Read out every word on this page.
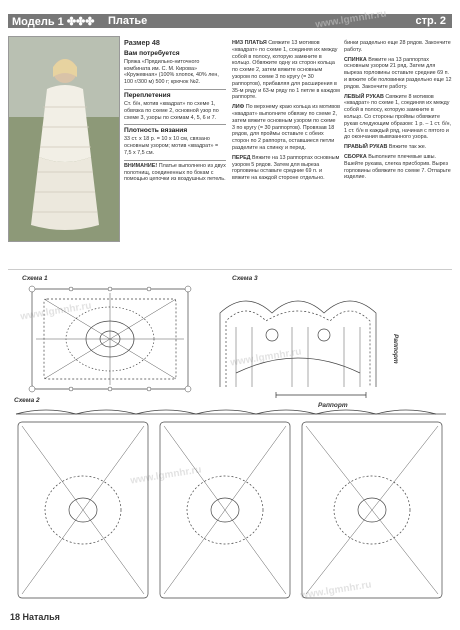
Модель 1 ✤✤✤ Платье	стр. 2
Размер 48
Вам потребуется

Пряжа «Прядильно-ниточного комбината им. С. М. Кирова» «Кружевная» (100% хлопок, 40% лен, 100 г/300 м) 500 г; крючок №2.

Переплетения

Ст. б/н, мотив «квадрат» по схеме 1, обвязка по схеме 2, основной узор по схеме 3, узоры по схемам 4, 5, 6 и 7.

Плотность вязания

33 ст. х 18 р. = 10 х 10 см, связано основным узором; мотив «квадрат» = 7,5 х 7,5 см.

ВНИМАНИЕ! Платье выполнено из двух полотнищ, соединенных по бокам с помощью цепочки из воздушных петель.

НИЗ ПЛАТЬЯ Свяжите 13 мотивов «квадрат» по схеме 1, соединяя их между собой в полосу, которую замкните в кольцо. Обвяжите одну из сторон кольца по схеме 2, затем вяжите основным узором по схеме 3 по кругу (= 30 раппортов), прибавляя для расширения в 35-м ряду и 63-м ряду по 1 петле в каждом раппорте.

ЛИФ По верхнему краю кольца из мотивов «квадрат» выполните обвязку по схеме 2, затем вяжите основным узором по схеме 3 по кругу (= 30 раппортов). Провязав 18 рядов, для проймы оставьте с обеих сторон по 2 раппорта, оставшиеся петли разделите на спинку и перед.

ПЕРЕД Вяжите на 13 раппортах основным узором 5 рядов. Затем для выреза горловины оставьте средние 69 п. и вяжите на каждой стороне отдельно.

бинки раздельно еще 28 рядов. Закончите работу.

СПИНКА Вяжите на 13 раппортах основным узором 21 ряд. Затем для выреза горловины оставьте средние 69 п. и вяжите обе половинки раздельно еще 12 рядов. Закончите работу.

ЛЕВЫЙ РУКАВ Свяжите 8 мотивов «квадрат» по схеме 1, соединяя их между собой в полосу, которую замкните в кольцо. Со стороны проймы обвяжите рукав следующим образом: 1 р. – 1 ст. б/н, 1 ст. б/н в каждый ряд, начиная с пятого и до окончания вывязанного узора.

ПРАВЫЙ РУКАВ Вяжите так же.

СБОРКА Выполните плечевые швы. Вшейте рукава, слегка присборив. Вырез горловины обвяжите по схеме 7. Отпарьте изделие.

www.lgmnhr.ru
www.lgmnhr.ru
www.lgmnhr.ru
www.lgmnhr.ru
www.lgmnhr.ru
Схема 1	Схема 3
Схема 2
Раппорт
Раппорт
18 Наталья
